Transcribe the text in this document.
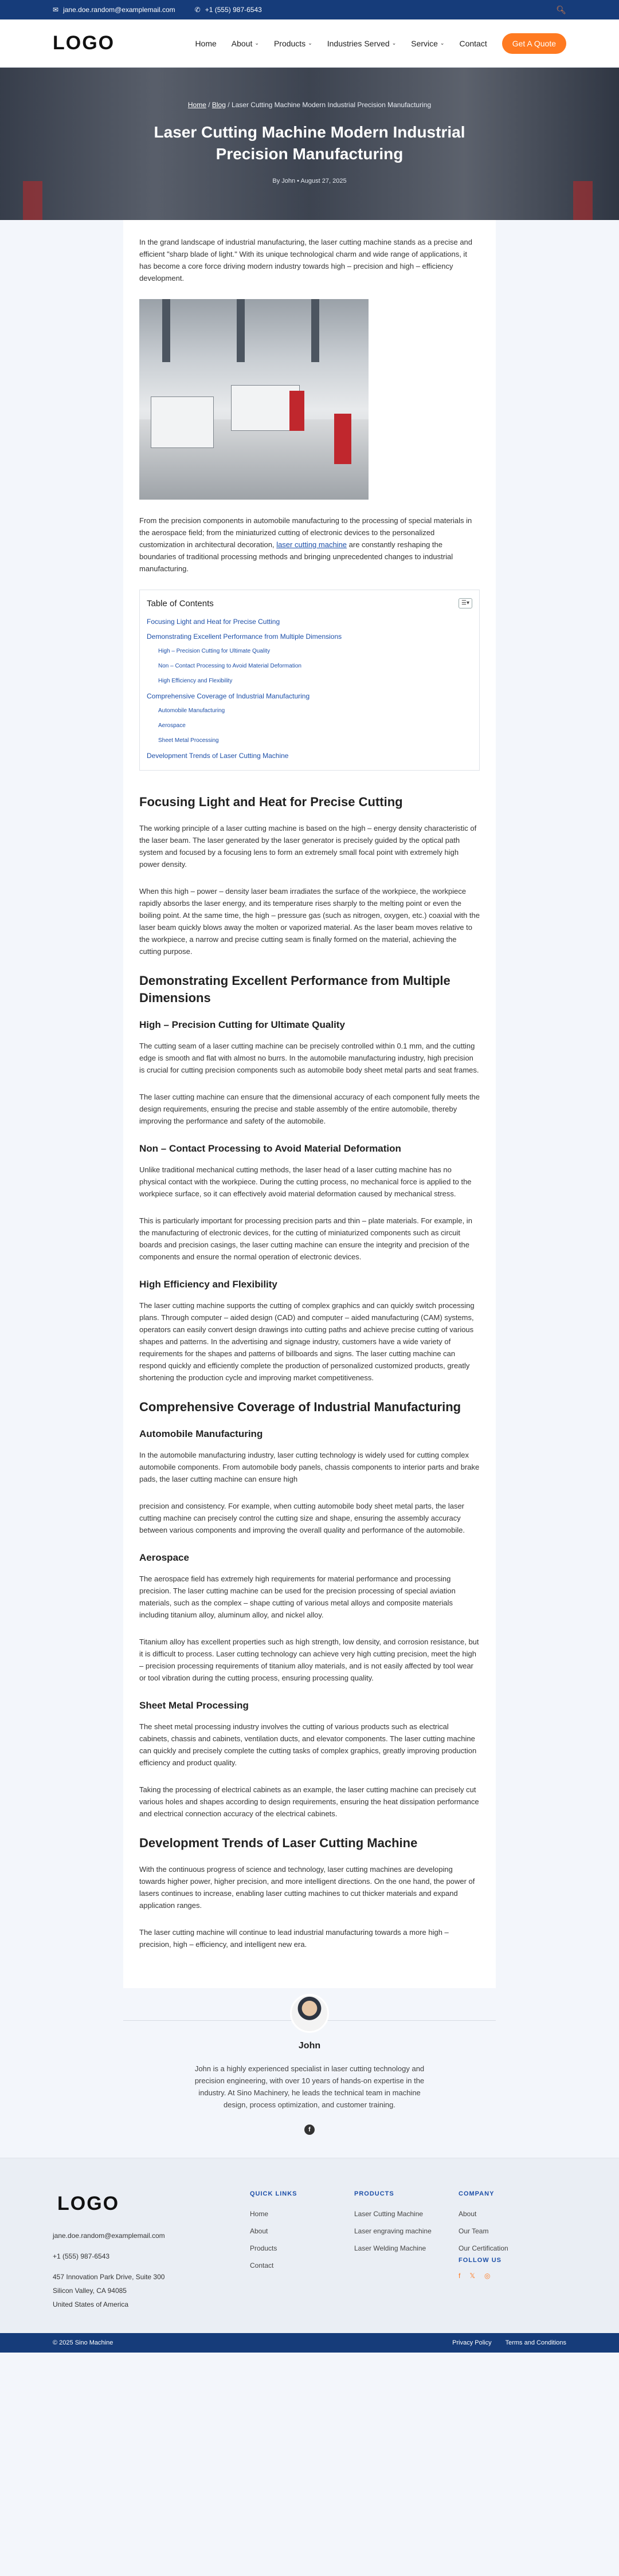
✉ jane.doe.random@examplemail.com	✆ +1 (555) 987-6543	🔍︎
LOGO	Home About ⌄ Products ⌄ Industries Served ⌄ Service ⌄ Contact	Get A Quote
Home / Blog / Laser Cutting Machine Modern Industrial Precision Manufacturing
Laser Cutting Machine Modern Industrial Precision Manufacturing
By John • August 27, 2025

In the grand landscape of industrial manufacturing, the laser cutting machine stands as a precise and efficient "sharp blade of light." With its unique technological charm and wide range of applications, it has become a core force driving modern industry towards high – precision and high – efficiency development.

From the precision components in automobile manufacturing to the processing of special materials in the aerospace field; from the miniaturized cutting of electronic devices to the personalized customization in architectural decoration, laser cutting machine are constantly reshaping the boundaries of traditional processing methods and bringing unprecedented changes to industrial manufacturing.

Table of Contents	☰▾
Focusing Light and Heat for Precise Cutting
Demonstrating Excellent Performance from Multiple Dimensions
High – Precision Cutting for Ultimate Quality
Non – Contact Processing to Avoid Material Deformation
High Efficiency and Flexibility
Comprehensive Coverage of Industrial Manufacturing
Automobile Manufacturing
Aerospace
Sheet Metal Processing
Development Trends of Laser Cutting Machine
Focusing Light and Heat for Precise Cutting

The working principle of a laser cutting machine is based on the high – energy density characteristic of the laser beam. The laser generated by the laser generator is precisely guided by the optical path system and focused by a focusing lens to form an extremely small focal point with extremely high power density.

When this high – power – density laser beam irradiates the surface of the workpiece, the workpiece rapidly absorbs the laser energy, and its temperature rises sharply to the melting point or even the boiling point. At the same time, the high – pressure gas (such as nitrogen, oxygen, etc.) coaxial with the laser beam quickly blows away the molten or vaporized material. As the laser beam moves relative to the workpiece, a narrow and precise cutting seam is finally formed on the material, achieving the cutting purpose.

Demonstrating Excellent Performance from Multiple Dimensions
High – Precision Cutting for Ultimate Quality

The cutting seam of a laser cutting machine can be precisely controlled within 0.1 mm, and the cutting edge is smooth and flat with almost no burrs. In the automobile manufacturing industry, high precision is crucial for cutting precision components such as automobile body sheet metal parts and seat frames.

The laser cutting machine can ensure that the dimensional accuracy of each component fully meets the design requirements, ensuring the precise and stable assembly of the entire automobile, thereby improving the performance and safety of the automobile.

Non – Contact Processing to Avoid Material Deformation

Unlike traditional mechanical cutting methods, the laser head of a laser cutting machine has no physical contact with the workpiece. During the cutting process, no mechanical force is applied to the workpiece surface, so it can effectively avoid material deformation caused by mechanical stress.

This is particularly important for processing precision parts and thin – plate materials. For example, in the manufacturing of electronic devices, for the cutting of miniaturized components such as circuit boards and precision casings, the laser cutting machine can ensure the integrity and precision of the components and ensure the normal operation of electronic devices.

High Efficiency and Flexibility

The laser cutting machine supports the cutting of complex graphics and can quickly switch processing plans. Through computer – aided design (CAD) and computer – aided manufacturing (CAM) systems, operators can easily convert design drawings into cutting paths and achieve precise cutting of various shapes and patterns. In the advertising and signage industry, customers have a wide variety of requirements for the shapes and patterns of billboards and signs. The laser cutting machine can respond quickly and efficiently complete the production of personalized customized products, greatly shortening the production cycle and improving market competitiveness.

Comprehensive Coverage of Industrial Manufacturing
Automobile Manufacturing

In the automobile manufacturing industry, laser cutting technology is widely used for cutting complex automobile components. From automobile body panels, chassis components to interior parts and brake pads, the laser cutting machine can ensure high

precision and consistency. For example, when cutting automobile body sheet metal parts, the laser cutting machine can precisely control the cutting size and shape, ensuring the assembly accuracy between various components and improving the overall quality and performance of the automobile.

Aerospace

The aerospace field has extremely high requirements for material performance and processing precision. The laser cutting machine can be used for the precision processing of special aviation materials, such as the complex – shape cutting of various metal alloys and composite materials including titanium alloy, aluminum alloy, and nickel alloy.

Titanium alloy has excellent properties such as high strength, low density, and corrosion resistance, but it is difficult to process. Laser cutting technology can achieve very high cutting precision, meet the high – precision processing requirements of titanium alloy materials, and is not easily affected by tool wear or tool vibration during the cutting process, ensuring processing quality.

Sheet Metal Processing

The sheet metal processing industry involves the cutting of various products such as electrical cabinets, chassis and cabinets, ventilation ducts, and elevator components. The laser cutting machine can quickly and precisely complete the cutting tasks of complex graphics, greatly improving production efficiency and product quality.

Taking the processing of electrical cabinets as an example, the laser cutting machine can precisely cut various holes and shapes according to design requirements, ensuring the heat dissipation performance and electrical connection accuracy of the electrical cabinets.

Development Trends of Laser Cutting Machine

With the continuous progress of science and technology, laser cutting machines are developing towards higher power, higher precision, and more intelligent directions. On the one hand, the power of lasers continues to increase, enabling laser cutting machines to cut thicker materials and expand application ranges.

The laser cutting machine will continue to lead industrial manufacturing towards a more high – precision, high – efficiency, and intelligent new era.

John
John is a highly experienced specialist in laser cutting technology and precision engineering, with over 10 years of hands-on expertise in the industry. At Sino Machinery, he leads the technical team in machine design, process optimization, and customer training.
f
LOGO

jane.doe.random@examplemail.com

+1 (555) 987-6543

457 Innovation Park Drive, Suite 300

Silicon Valley, CA 94085

United States of America

QUICK LINKS
Home
About
Products
Contact
PRODUCTS
Laser Cutting Machine
Laser engraving machine
Laser Welding Machine
COMPANY
About
Our Team
Our Certification
FOLLOW US
f 𝕏 ◎
© 2025 Sino Machine	Privacy Policy Terms and Conditions
